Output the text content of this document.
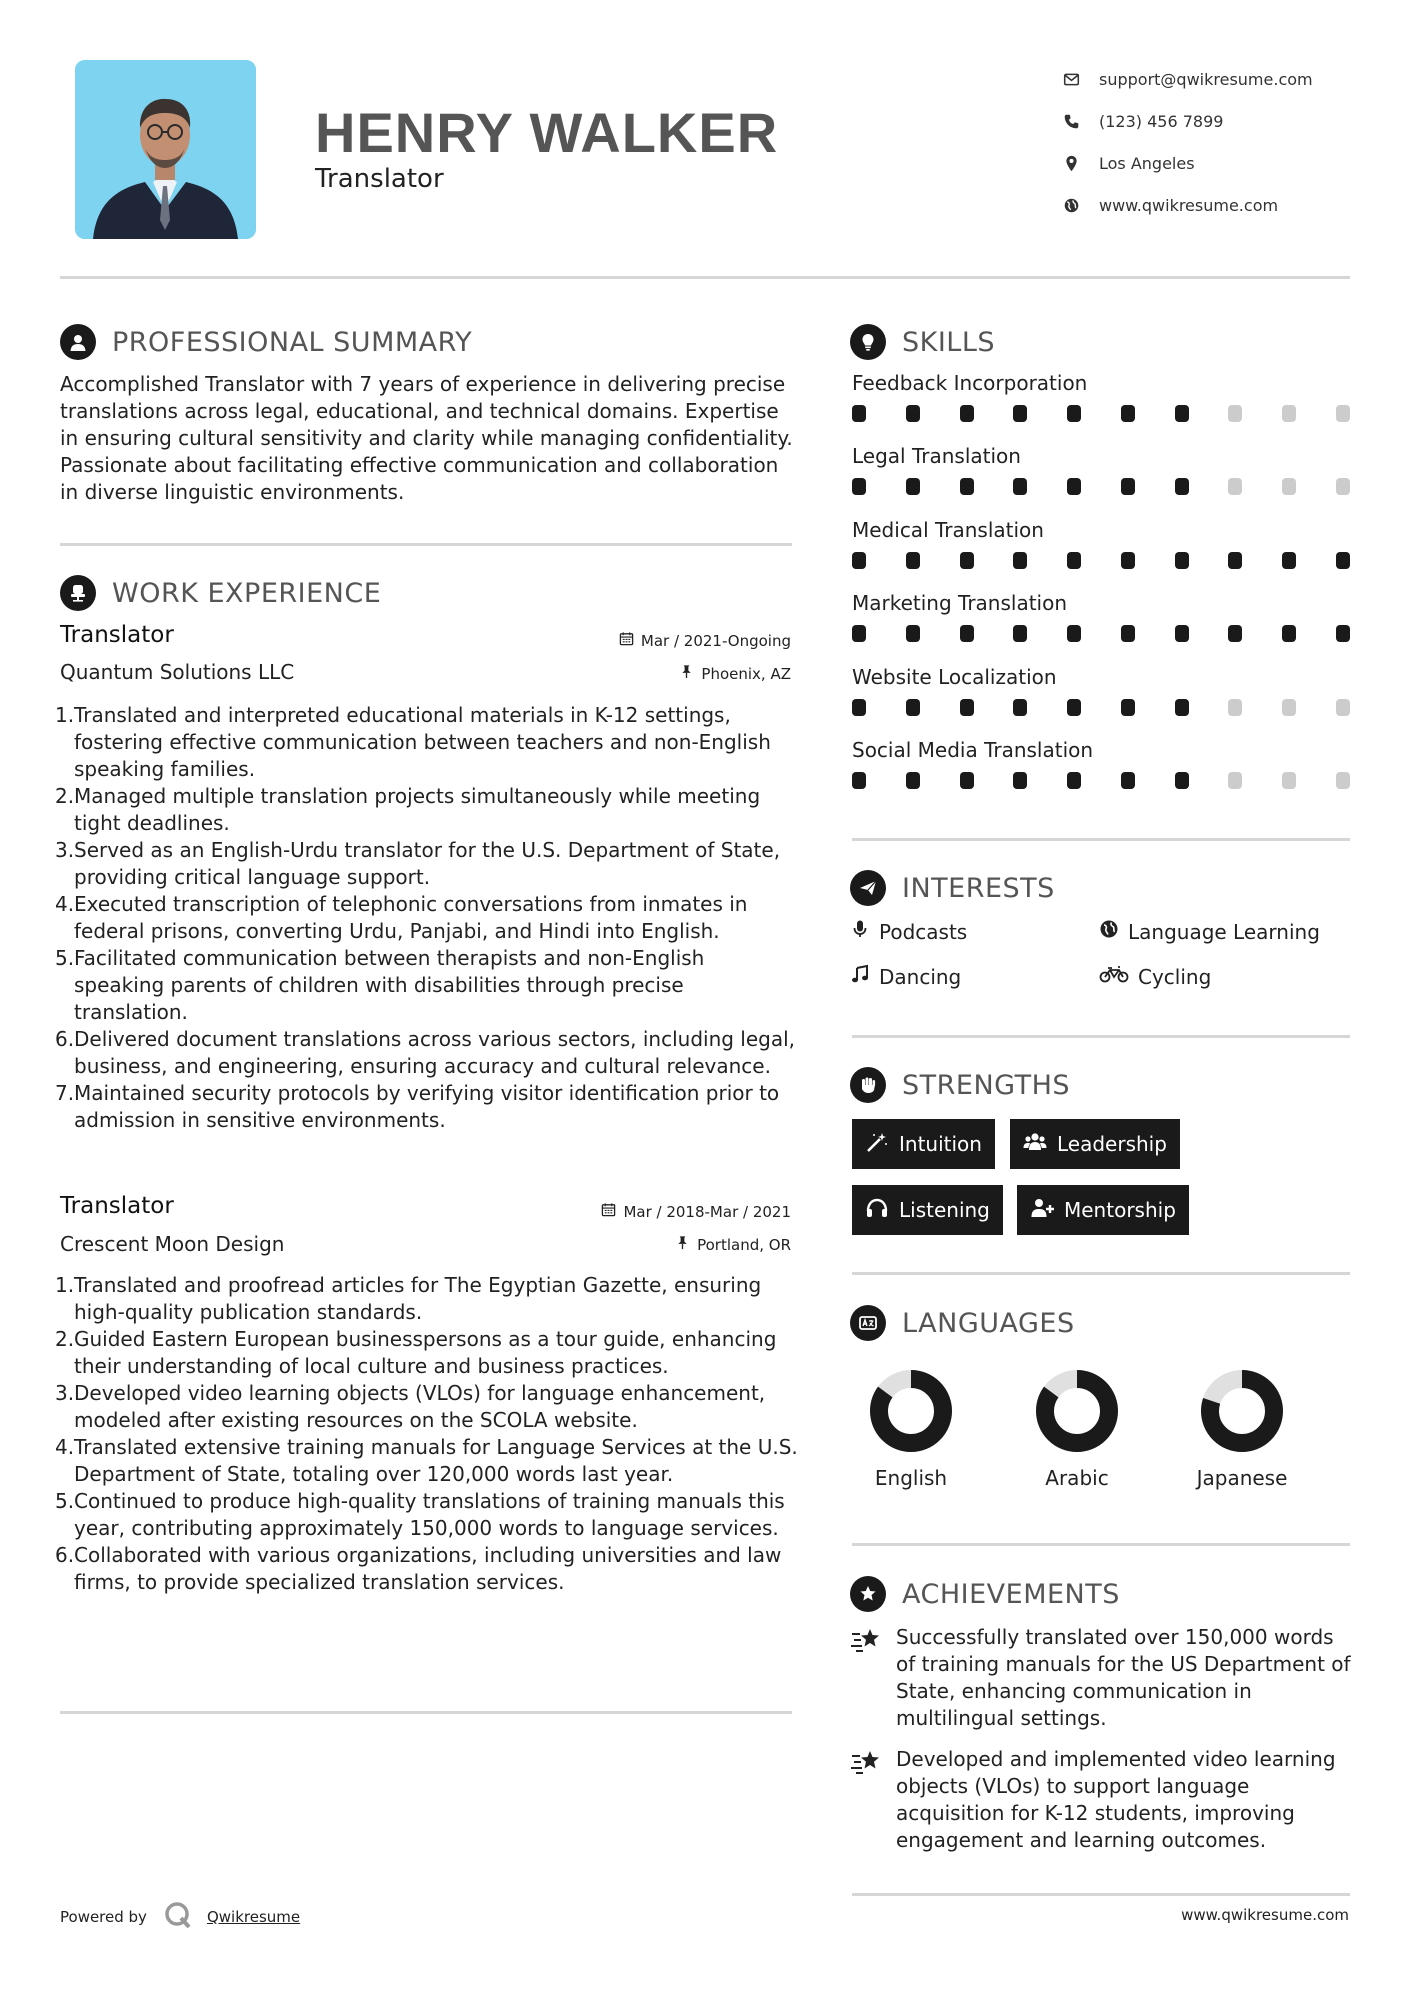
HENRY WALKER
Translator
support@qwikresume.com
(123) 456 7899
Los Angeles
www.qwikresume.com
PROFESSIONAL SUMMARY
Accomplished Translator with 7 years of experience in delivering precise translations across legal, educational, and technical domains. Expertise in ensuring cultural sensitivity and clarity while managing confidentiality. Passionate about facilitating effective communication and collaboration in diverse linguistic environments.
WORK EXPERIENCE
Translator
Quantum Solutions LLC
Mar / 2021-Ongoing
Phoenix, AZ
1. Translated and interpreted educational materials in K-12 settings, fostering effective communication between teachers and non-English speaking families.
2. Managed multiple translation projects simultaneously while meeting tight deadlines.
3. Served as an English-Urdu translator for the U.S. Department of State, providing critical language support.
4. Executed transcription of telephonic conversations from inmates in federal prisons, converting Urdu, Panjabi, and Hindi into English.
5. Facilitated communication between therapists and non-English speaking parents of children with disabilities through precise translation.
6. Delivered document translations across various sectors, including legal, business, and engineering, ensuring accuracy and cultural relevance.
7. Maintained security protocols by verifying visitor identification prior to admission in sensitive environments.
Translator
Crescent Moon Design
Mar / 2018-Mar / 2021
Portland, OR
1. Translated and proofread articles for The Egyptian Gazette, ensuring high-quality publication standards.
2. Guided Eastern European businesspersons as a tour guide, enhancing their understanding of local culture and business practices.
3. Developed video learning objects (VLOs) for language enhancement, modeled after existing resources on the SCOLA website.
4. Translated extensive training manuals for Language Services at the U.S. Department of State, totaling over 120,000 words last year.
5. Continued to produce high-quality translations of training manuals this year, contributing approximately 150,000 words to language services.
6. Collaborated with various organizations, including universities and law firms, to provide specialized translation services.
SKILLS
Feedback Incorporation
Legal Translation
Medical Translation
Marketing Translation
Website Localization
Social Media Translation
INTERESTS
Podcasts	Language Learning
Dancing	Cycling
STRENGTHS
Intuition	Leadership
Listening	Mentorship
LANGUAGES
English	Arabic	Japanese
ACHIEVEMENTS
Successfully translated over 150,000 words of training manuals for the US Department of State, enhancing communication in multilingual settings.
Developed and implemented video learning objects (VLOs) to support language acquisition for K-12 students, improving engagement and learning outcomes.
Powered by	Qwikresume	www.qwikresume.com
